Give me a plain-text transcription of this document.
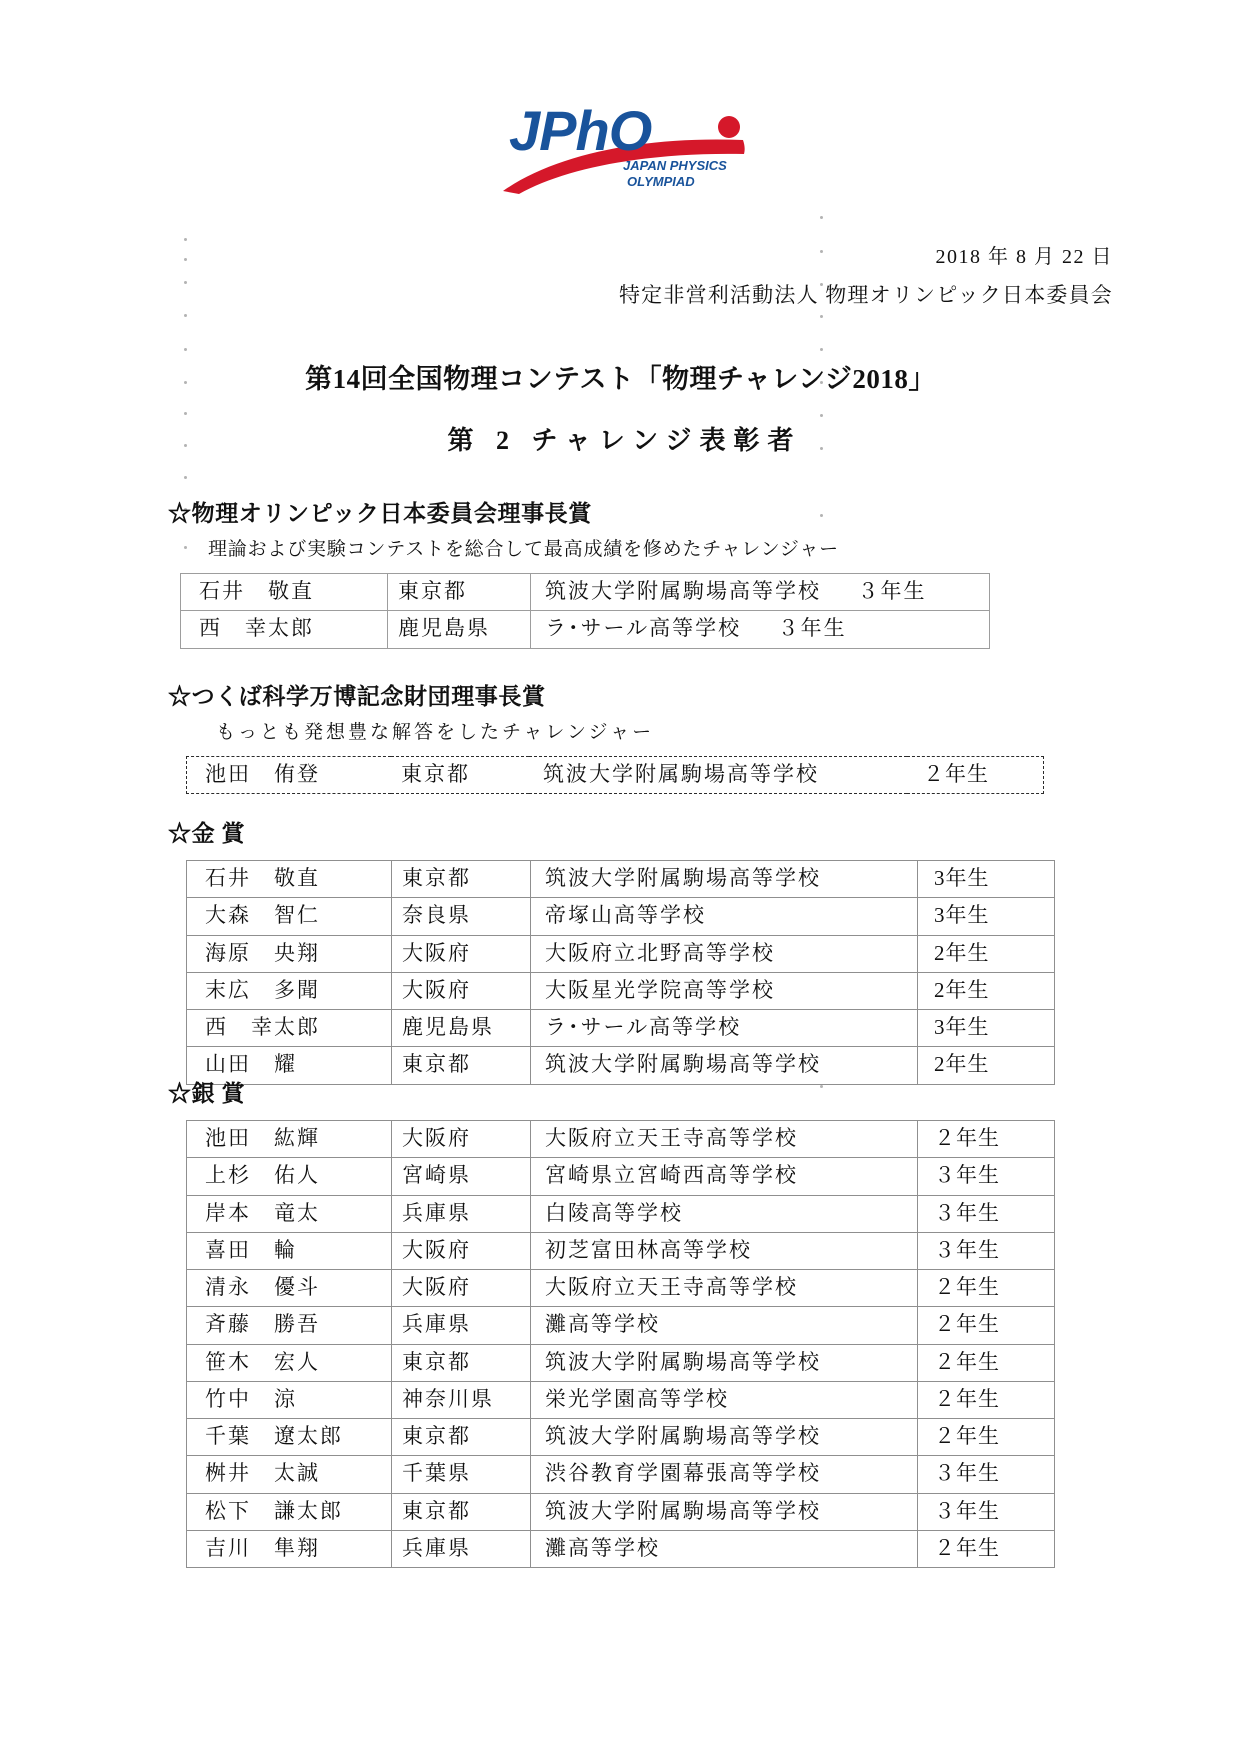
JPhO
JAPAN PHYSICS
OLYMPIAD
2018 年 8 月 22 日
特定非営利活動法人 物理オリンピック日本委員会
第14回全国物理コンテスト「物理チャレンジ2018」
第 2 チャレンジ表彰者
☆物理オリンピック日本委員会理事長賞
理論および実験コンテストを総合して最高成績を修めたチャレンジャー
石井　敬直	東京都	筑波大学附属駒場高等学校 ３年生
西　幸太郎	鹿児島県	ラ･サール高等学校 ３年生
☆つくば科学万博記念財団理事長賞
もっとも発想豊な解答をしたチャレンジャー
池田　侑登	東京都	筑波大学附属駒場高等学校	２年生
☆金 賞
石井　敬直	東京都	筑波大学附属駒場高等学校	3年生
大森　智仁	奈良県	帝塚山高等学校	3年生
海原　央翔	大阪府	大阪府立北野高等学校	2年生
末広　多聞	大阪府	大阪星光学院高等学校	2年生
西　幸太郎	鹿児島県	ラ･サール高等学校	3年生
山田　耀	東京都	筑波大学附属駒場高等学校	2年生
☆銀 賞
池田　紘輝	大阪府	大阪府立天王寺高等学校	２年生
上杉　佑人	宮崎県	宮崎県立宮崎西高等学校	３年生
岸本　竜太	兵庫県	白陵高等学校	３年生
喜田　輪	大阪府	初芝富田林高等学校	３年生
清永　優斗	大阪府	大阪府立天王寺高等学校	２年生
斉藤　勝吾	兵庫県	灘高等学校	２年生
笹木　宏人	東京都	筑波大学附属駒場高等学校	２年生
竹中　涼	神奈川県	栄光学園高等学校	２年生
千葉　遼太郎	東京都	筑波大学附属駒場高等学校	２年生
桝井　太誠	千葉県	渋谷教育学園幕張高等学校	３年生
松下　謙太郎	東京都	筑波大学附属駒場高等学校	３年生
吉川　隼翔	兵庫県	灘高等学校	２年生
